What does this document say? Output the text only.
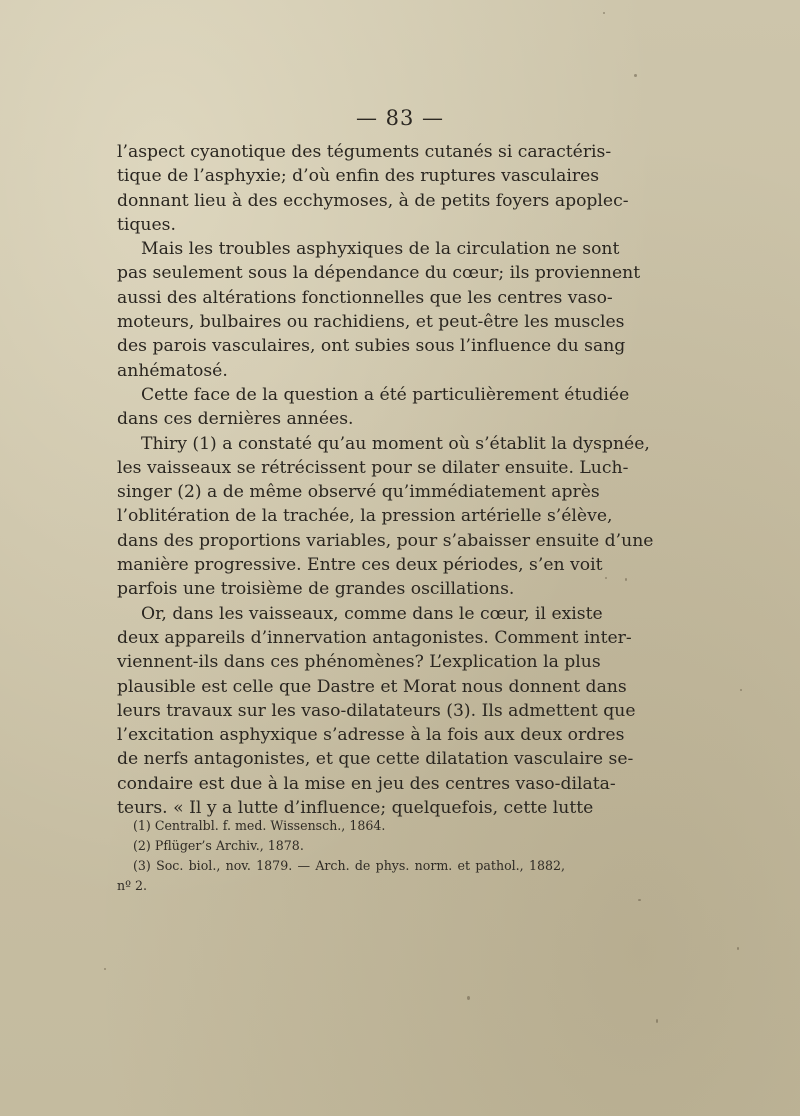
— 83 —
l’aspect cyanotique des téguments cutanés si caractéris-
tique de l’asphyxie; d’où enfin des ruptures vasculaires
donnant lieu à des ecchymoses, à de petits foyers apoplec-
tiques.
Mais les troubles asphyxiques de la circulation ne sont
pas seulement sous la dépendance du cœur; ils proviennent
aussi des altérations fonctionnelles que les centres vaso-
moteurs, bulbaires ou rachidiens, et peut-être les muscles
des parois vasculaires, ont subies sous l’influence du sang
anhématosé.
Cette face de la question a été particulièrement étudiée
dans ces dernières années.
Thiry (1) a constaté qu’au moment où s’établit la dyspnée,
les vaisseaux se rétrécissent pour se dilater ensuite. Luch-
singer (2) a de même observé qu’immédiatement après
l’oblitération de la trachée, la pression artérielle s’élève,
dans des proportions variables, pour s’abaisser ensuite d’une
manière progressive. Entre ces deux périodes, s’en voit
parfois une troisième de grandes oscillations.
Or, dans les vaisseaux, comme dans le cœur, il existe
deux appareils d’innervation antagonistes. Comment inter-
viennent-ils dans ces phénomènes? L’explication la plus
plausible est celle que Dastre et Morat nous donnent dans
leurs travaux sur les vaso-dilatateurs (3). Ils admettent que
l’excitation asphyxique s’adresse à la fois aux deux ordres
de nerfs antagonistes, et que cette dilatation vasculaire se-
condaire est due à la mise en jeu des centres vaso-dilata-
teurs. « Il y a lutte d’influence; quelquefois, cette lutte
(1) Centralbl. f. med. Wissensch., 1864.
(2) Pflüger’s Archiv., 1878.
(3) Soc. biol., nov. 1879. — Arch. de phys. norm. et pathol., 1882,
nº 2.
